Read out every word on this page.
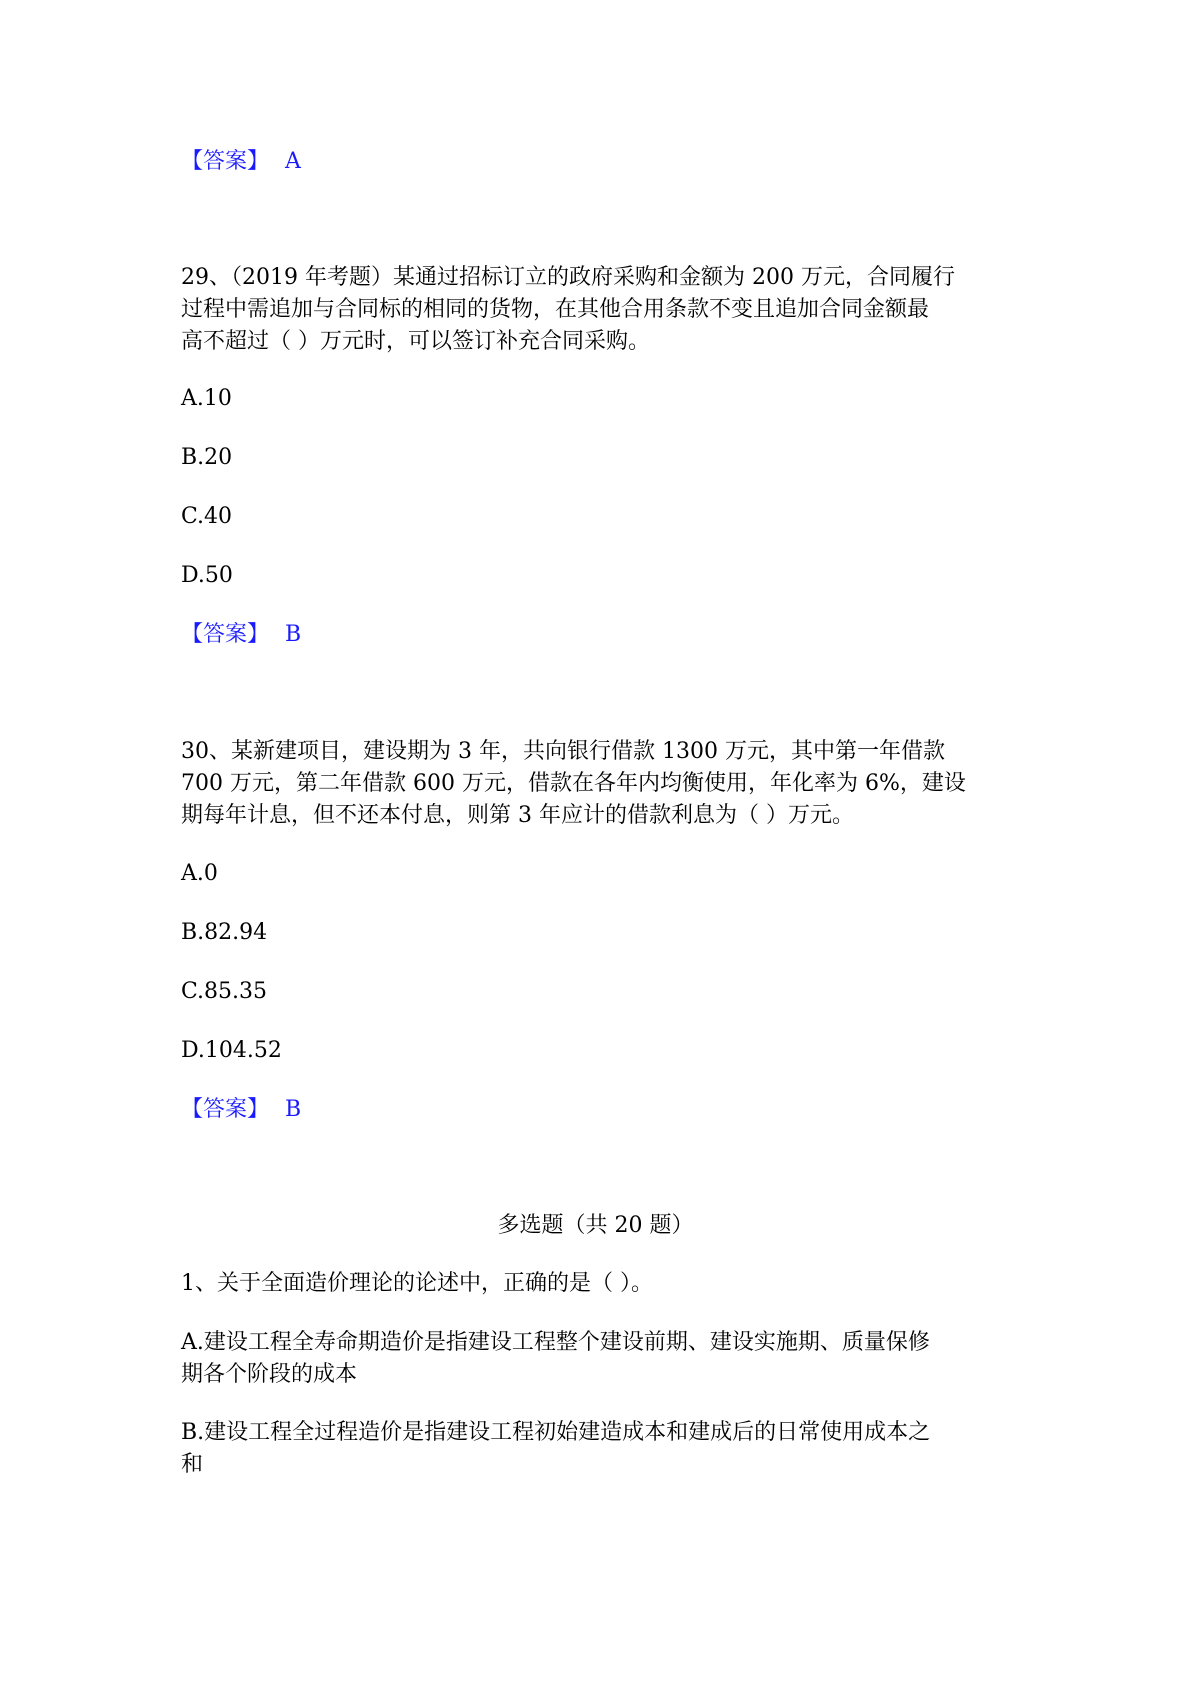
【答案】 A
29、（2019 年考题）某通过招标订立的政府采购和金额为 200 万元，合同履行
过程中需追加与合同标的相同的货物，在其他合用条款不变且追加合同金额最
高不超过（ ）万元时，可以签订补充合同采购。
A.10
B.20
C.40
D.50
【答案】 B
30、某新建项目，建设期为 3 年，共向银行借款 1300 万元，其中第一年借款
700 万元，第二年借款 600 万元，借款在各年内均衡使用，年化率为 6%，建设
期每年计息，但不还本付息，则第 3 年应计的借款利息为（ ）万元。
A.0
B.82.94
C.85.35
D.104.52
【答案】 B
多选题（共 20 题）
1、关于全面造价理论的论述中，正确的是（ ）。
A.建设工程全寿命期造价是指建设工程整个建设前期、建设实施期、质量保修
期各个阶段的成本
B.建设工程全过程造价是指建设工程初始建造成本和建成后的日常使用成本之
和
